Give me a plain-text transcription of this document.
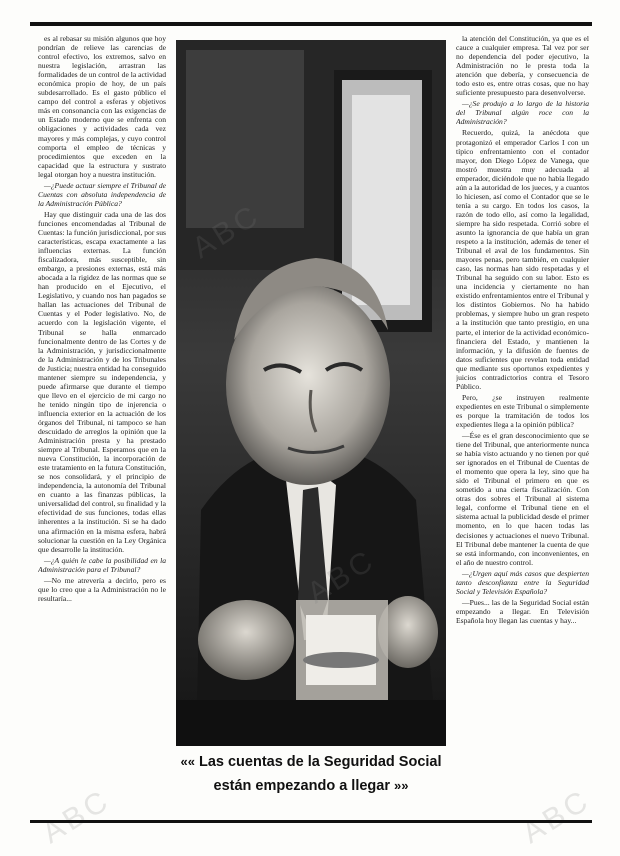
es al rebasar su misión algunos que hoy pondrían de relieve las carencias de control efectivo, los extremos, salvo en nuestra legislación, arrastran las formalidades de un control de la actividad económica propio de hoy, de un país subdesarrollado. Es el gasto público el campo del control a esferas y objetivos más en consonancia con las exigencias de un Estado moderno que se enfrenta con obligaciones y actividades cada vez mayores y más complejas, y cuyo control comporta el empleo de técnicas y procedimientos que exceden en la capacidad que la estructura y sustrato legal otorgan hoy a nuestra institución.

—¿Puede actuar siempre el Tribunal de Cuentas con absoluta independencia de la Administración Pública?

Hay que distinguir cada una de las dos funciones encomendadas al Tribunal de Cuentas: la función jurisdiccional, por sus características, escapa exactamente a las influencias externas. La función fiscalizadora, más susceptible, sin embargo, a presiones externas, está más abocada a la rigidez de las normas que se han producido en el Ejecutivo, el Legislativo, y cuando nos han pagados se hallan las actuaciones del Tribunal de Cuentas y el Poder legislativo. No, de acuerdo con la legislación vigente, el Tribunal se halla enmarcado funcionalmente dentro de las Cortes y de la Administración, y jurisdiccionalmente de la Administración y de los Tribunales de Justicia; nuestra entidad ha conseguido mantener siempre su independencia, y puede afirmarse que durante el tiempo que llevo en el ejercicio de mi cargo no he tenido ningún tipo de injerencia o influencia exterior en la actuación de los órganos del Tribunal, ni tampoco se han descuidado de arreglos la opinión que la Administración presta y ha prestado siempre al Tribunal. Esperamos que en la nueva Constitución, la incorporación de este tratamiento en la futura Constitución, se nos consolidará, y el principio de independencia, la autonomía del Tribunal en cuanto a las finanzas públicas, la universalidad del control, su finalidad y la efectividad de sus funciones, todas ellas inherentes a la institución. Si se ha dado una afirmación en la misma esfera, habrá solucionar la cuestión en la Ley Orgánica que desarrolle la institución.

—¿A quién le cabe la posibilidad en la Administración para el Tribunal?

—No me atrevería a decirlo, pero es que lo creo que a la Administración no le resultaría...

«« Las cuentas de la Seguridad Social están empezando a llegar »»

la atención del Constitución, ya que es el cauce a cualquier empresa. Tal vez por ser no dependencia del poder ejecutivo, la Administración no le presta toda la atención que debería, y consecuencia de todo esto es, entre otras cosas, que no hay suficiente presupuesto para desenvolverse.

—¿Se produjo a lo largo de la historia del Tribunal algún roce con la Administración?

Recuerdo, quizá, la anécdota que protagonizó el emperador Carlos I con un típico enfrentamiento con el contador mayor, don Diego López de Vanega, que mostró muestra muy adecuada al emperador, diciéndole que no había llegado aún a la autoridad de los jueces, y a cuantos lo hiciesen, así como el Contador que se le tenía a su cargo. En todos los casos, la razón de todo ello, así como la legalidad, siempre ha sido respetada. Corrió sobre el asunto la ignorancia de que había un gran respeto a la institución, además de tener el Tribunal el aval de los fundamentos. Sin mayores penas, pero también, en cualquier caso, las normas han sido respetadas y el Tribunal ha seguido con su labor. Esto es una incidencia y ciertamente no han existido enfrentamientos entre el Tribunal y los distintos Gobiernos. No ha habido problemas, y siempre hubo un gran respeto a la institución que tanto prestigio, en una parte, el interior de la actividad económico-financiera del Estado, y mantienen la información, y la difusión de fuentes de datos suficientes que revelan toda entidad que mediante sus oportunos expedientes y juicios contradictorios contra el Tesoro Público.

Pero, ¿se instruyen realmente expedientes en este Tribunal o simplemente es porque la tramitación de todos los expedientes llega a la opinión pública?

—Ése es el gran desconocimiento que se tiene del Tribunal, que anteriormente nunca se había visto actuando y no tienen por qué ser ignorados en el Tribunal de Cuentas de el momento que opera la ley, sino que ha sido el Tribunal el primero en que es sometido a una cierta fiscalización. Con otras dos sobres el Tribunal al sistema legal, conforme el Tribunal tiene en el sistema actual la publicidad desde el primer momento, en lo que hacen todas las decisiones y actuaciones el nuevo Tribunal. El Tribunal debe mantener la cuenta de que se está informando, con inconvenientes, en el año de nuestro control.

—¿Urgen aquí más casos que despierten tanto desconfianza entre la Seguridad Social y Televisión Española?

—Pues... las de la Seguridad Social están empezando a llegar. En Televisión Española hoy llegan las cuentas y hay...

ABC	ABC
